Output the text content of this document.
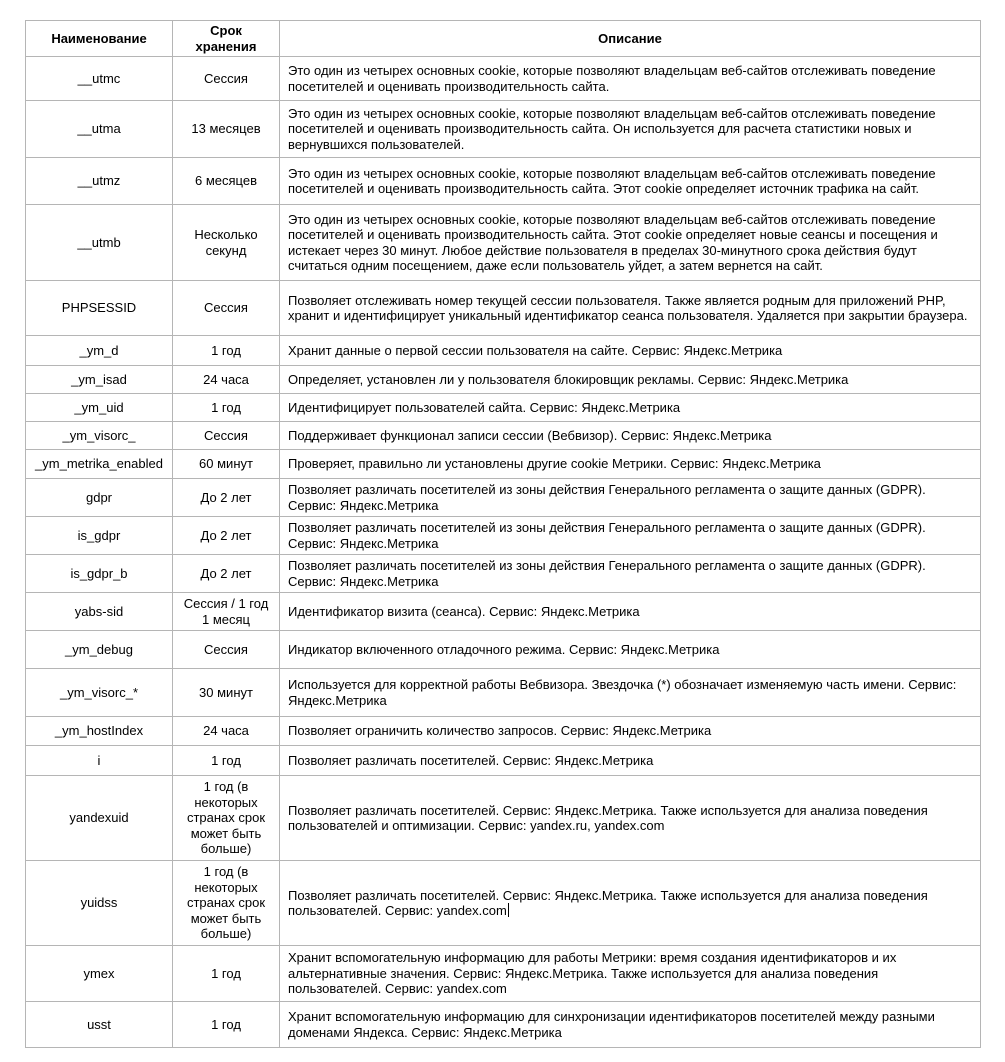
Наименование	Срок хранения	Описание
__utmc	Сессия	Это один из четырех основных cookie, которые позволяют владельцам веб-сайтов отслеживать поведение посетителей и оценивать производительность сайта.
__utma	13 месяцев	Это один из четырех основных cookie, которые позволяют владельцам веб-сайтов отслеживать поведение посетителей и оценивать производительность сайта. Он используется для расчета статистики новых и вернувшихся пользователей.
__utmz	6 месяцев	Это один из четырех основных cookie, которые позволяют владельцам веб-сайтов отслеживать поведение посетителей и оценивать производительность сайта. Этот cookie определяет источник трафика на сайт.
__utmb	Несколько секунд	Это один из четырех основных cookie, которые позволяют владельцам веб-сайтов отслеживать поведение посетителей и оценивать производительность сайта. Этот cookie определяет новые сеансы и посещения и истекает через 30 минут. Любое действие пользователя в пределах 30-минутного срока действия будут считаться одним посещением, даже если пользователь уйдет, а затем вернется на сайт.
PHPSESSID	Сессия	Позволяет отслеживать номер текущей сессии пользователя. Также является родным для приложений PHP, хранит и идентифицирует уникальный идентификатор сеанса пользователя. Удаляется при закрытии браузера.
_ym_d	1 год	Хранит данные о первой сессии пользователя на сайте. Сервис: Яндекс.Метрика
_ym_isad	24 часа	Определяет, установлен ли у пользователя блокировщик рекламы. Сервис: Яндекс.Метрика
_ym_uid	1 год	Идентифицирует пользователей сайта. Сервис: Яндекс.Метрика
_ym_visorc_	Сессия	Поддерживает функционал записи сессии (Вебвизор). Сервис: Яндекс.Метрика
_ym_metrika_enabled	60 минут	Проверяет, правильно ли установлены другие cookie Метрики. Сервис: Яндекс.Метрика
gdpr	До 2 лет	Позволяет различать посетителей из зоны действия Генерального регламента о защите данных (GDPR). Сервис: Яндекс.Метрика
is_gdpr	До 2 лет	Позволяет различать посетителей из зоны действия Генерального регламента о защите данных (GDPR). Сервис: Яндекс.Метрика
is_gdpr_b	До 2 лет	Позволяет различать посетителей из зоны действия Генерального регламента о защите данных (GDPR). Сервис: Яндекс.Метрика
yabs-sid	Сессия / 1 год 1 месяц	Идентификатор визита (сеанса). Сервис: Яндекс.Метрика
_ym_debug	Сессия	Индикатор включенного отладочного режима. Сервис: Яндекс.Метрика
_ym_visorc_*	30 минут	Используется для корректной работы Вебвизора. Звездочка (*) обозначает изменяемую часть имени. Сервис: Яндекс.Метрика
_ym_hostIndex	24 часа	Позволяет ограничить количество запросов. Сервис: Яндекс.Метрика
i	1 год	Позволяет различать посетителей. Сервис: Яндекс.Метрика
yandexuid	1 год (в некоторых странах срок может быть больше)	Позволяет различать посетителей. Сервис: Яндекс.Метрика. Также используется для анализа поведения пользователей и оптимизации. Сервис: yandex.ru, yandex.com
yuidss	1 год (в некоторых странах срок может быть больше)	Позволяет различать посетителей. Сервис: Яндекс.Метрика. Также используется для анализа поведения пользователей. Сервис: yandex.com
ymex	1 год	Хранит вспомогательную информацию для работы Метрики: время создания идентификаторов и их альтернативные значения. Сервис: Яндекс.Метрика. Также используется для анализа поведения пользователей. Сервис: yandex.com
usst	1 год	Хранит вспомогательную информацию для синхронизации идентификаторов посетителей между разными доменами Яндекса. Сервис: Яндекс.Метрика
